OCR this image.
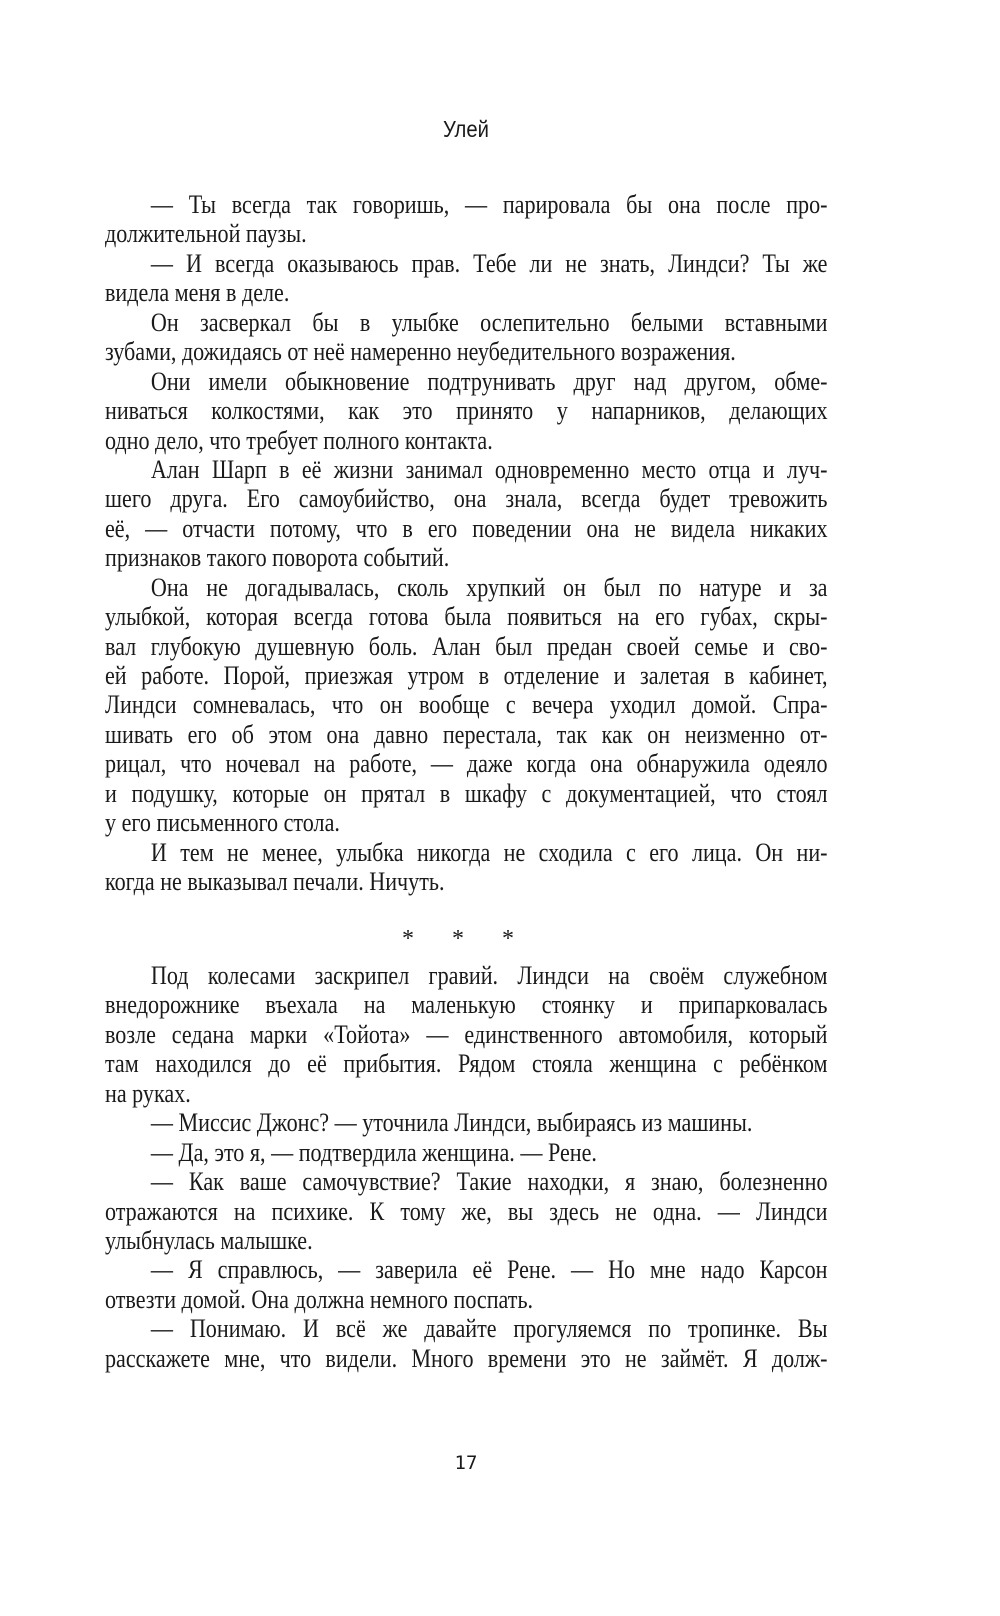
Улей
— Ты всегда так говоришь, — парировала бы она после про-
должительной паузы.
— И всегда оказываюсь прав. Тебе ли не знать, Линдси? Ты же
видела меня в деле.
Он засверкал бы в улыбке ослепительно белыми вставными
зубами, дожидаясь от неё намеренно неубедительного возражения.
Они имели обыкновение подтрунивать друг над другом, обме-
ниваться колкостями, как это принято у напарников, делающих
одно дело, что требует полного контакта.
Алан Шарп в её жизни занимал одновременно место отца и луч-
шего друга. Его самоубийство, она знала, всегда будет тревожить
её, — отчасти потому, что в его поведении она не видела никаких
признаков такого поворота событий.
Она не догадывалась, сколь хрупкий он был по натуре и за
улыбкой, которая всегда готова была появиться на его губах, скры-
вал глубокую душевную боль. Алан был предан своей семье и сво-
ей работе. Порой, приезжая утром в отделение и залетая в кабинет,
Линдси сомневалась, что он вообще с вечера уходил домой. Спра-
шивать его об этом она давно перестала, так как он неизменно от-
рицал, что ночевал на работе, — даже когда она обнаружила одеяло
и подушку, которые он прятал в шкафу с документацией, что стоял
у его письменного стола.
И тем не менее, улыбка никогда не сходила с его лица. Он ни-
когда не выказывал печали. Ничуть.
* * *
Под колесами заскрипел гравий. Линдси на своём служебном
внедорожнике въехала на маленькую стоянку и припарковалась
возле седана марки «Тойота» — единственного автомобиля, который
там находился до её прибытия. Рядом стояла женщина с ребёнком
на руках.
— Миссис Джонс? — уточнила Линдси, выбираясь из машины.
— Да, это я, — подтвердила женщина. — Рене.
— Как ваше самочувствие? Такие находки, я знаю, болезненно
отражаются на психике. К тому же, вы здесь не одна. — Линдси
улыбнулась малышке.
— Я справлюсь, — заверила её Рене. — Но мне надо Карсон
отвезти домой. Она должна немного поспать.
— Понимаю. И всё же давайте прогуляемся по тропинке. Вы
расскажете мне, что видели. Много времени это не займёт. Я долж-
17
